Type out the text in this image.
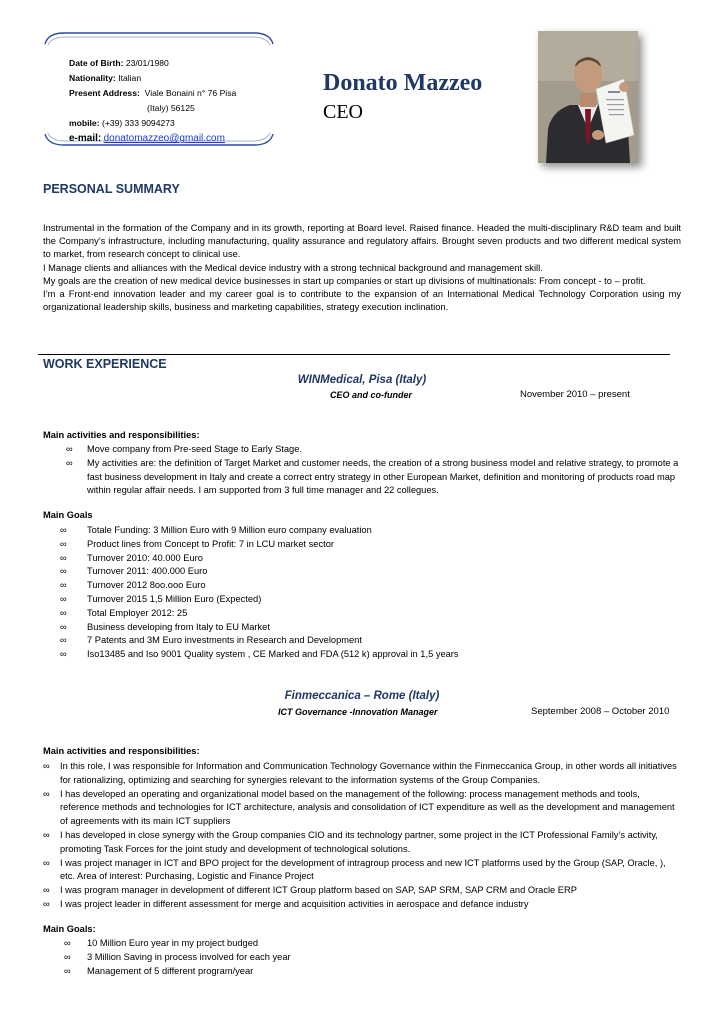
Date of Birth: 23/01/1980
Nationality: Italian
Present Address: Viale Bonaini n° 76 Pisa
(Italy) 56125
mobile: (+39) 333 9094273
e-mail: donatomazzeo@gmail.com
Donato Mazzeo
CEO
PERSONAL SUMMARY

Instrumental in the formation of the Company and in its growth, reporting at Board level. Raised finance. Headed the multi-disciplinary R&D team and built the Company’s infrastructure, including manufacturing, quality assurance and regulatory affairs. Brought seven products and two different medical system to market, from research concept to clinical use.

I Manage clients and alliances with the Medical device industry with a strong technical background and management skill.

My goals are the creation of new medical device businesses in start up companies or start up divisions of multinationals: From concept - to – profit.

I’m a Front-end innovation leader and my career goal is to contribute to the expansion of an International Medical Technology Corporation using my organizational leadership skills, business and marketing capabilities, strategy execution inclination.

WORK EXPERIENCE
WINMedical, Pisa (Italy)
CEO and co-funder	November 2010 – present
Main activities and responsibilities:
∞ Move company from Pre-seed Stage to Early Stage.
∞ My activities are: the definition of Target Market and customer needs, the creation of a strong business model and relative strategy, to promote a fast business development in Italy and create a correct entry strategy in other European Market, definition and monitoring of products road map within regular affair needs. I am supported from 3 full time manager and 22 collegues.
Main Goals
∞ Totale Funding: 3 Million Euro with 9 Million euro company evaluation
∞ Product lines from Concept to Profit: 7 in LCU market sector
∞ Turnover 2010: 40.000 Euro
∞ Turnover 2011: 400.000 Euro
∞ Turnover 2012 8oo.ooo Euro
∞ Turnover 2015 1,5 Million Euro (Expected)
∞ Total Employer 2012: 25
∞ Business developing from Italy to EU Market
∞ 7 Patents and 3M Euro investments in Research and Development
∞ Iso13485 and Iso 9001 Quality system , CE Marked and FDA (512 k) approval in 1,5 years
Finmeccanica – Rome (Italy)
ICT Governance -Innovation Manager	September 2008 – October 2010
Main activities and responsibilities:
∞ In this role, I was responsible for Information and Communication Technology Governance within the Finmeccanica Group, in other words all initiatives for rationalizing, optimizing and searching for synergies relevant to the information systems of the Group Companies.
∞ I has developed an operating and organizational model based on the management of the following: process management methods and tools, reference methods and technologies for ICT architecture, analysis and consolidation of ICT expenditure as well as the development and management of agreements with its main ICT suppliers
∞ I has developed in close synergy with the Group companies CIO and its technology partner, some project in the ICT Professional Family’s activity, promoting Task Forces for the joint study and development of technological solutions.
∞ I was project manager in ICT and BPO project for the development of intragroup process and new ICT platforms used by the Group (SAP, Oracle, ), etc. Area of interest: Purchasing, Logistic and Finance Project
∞ I was program manager in development of different ICT Group platform based on SAP, SAP SRM, SAP CRM and Oracle ERP
∞ I was project leader in different assessment for merge and acquisition activities in aerospace and defance industry
Main Goals:
∞ 10 Million Euro year in my project budged
∞ 3 Million Saving in process involved for each year
∞ Management of 5 different program/year
